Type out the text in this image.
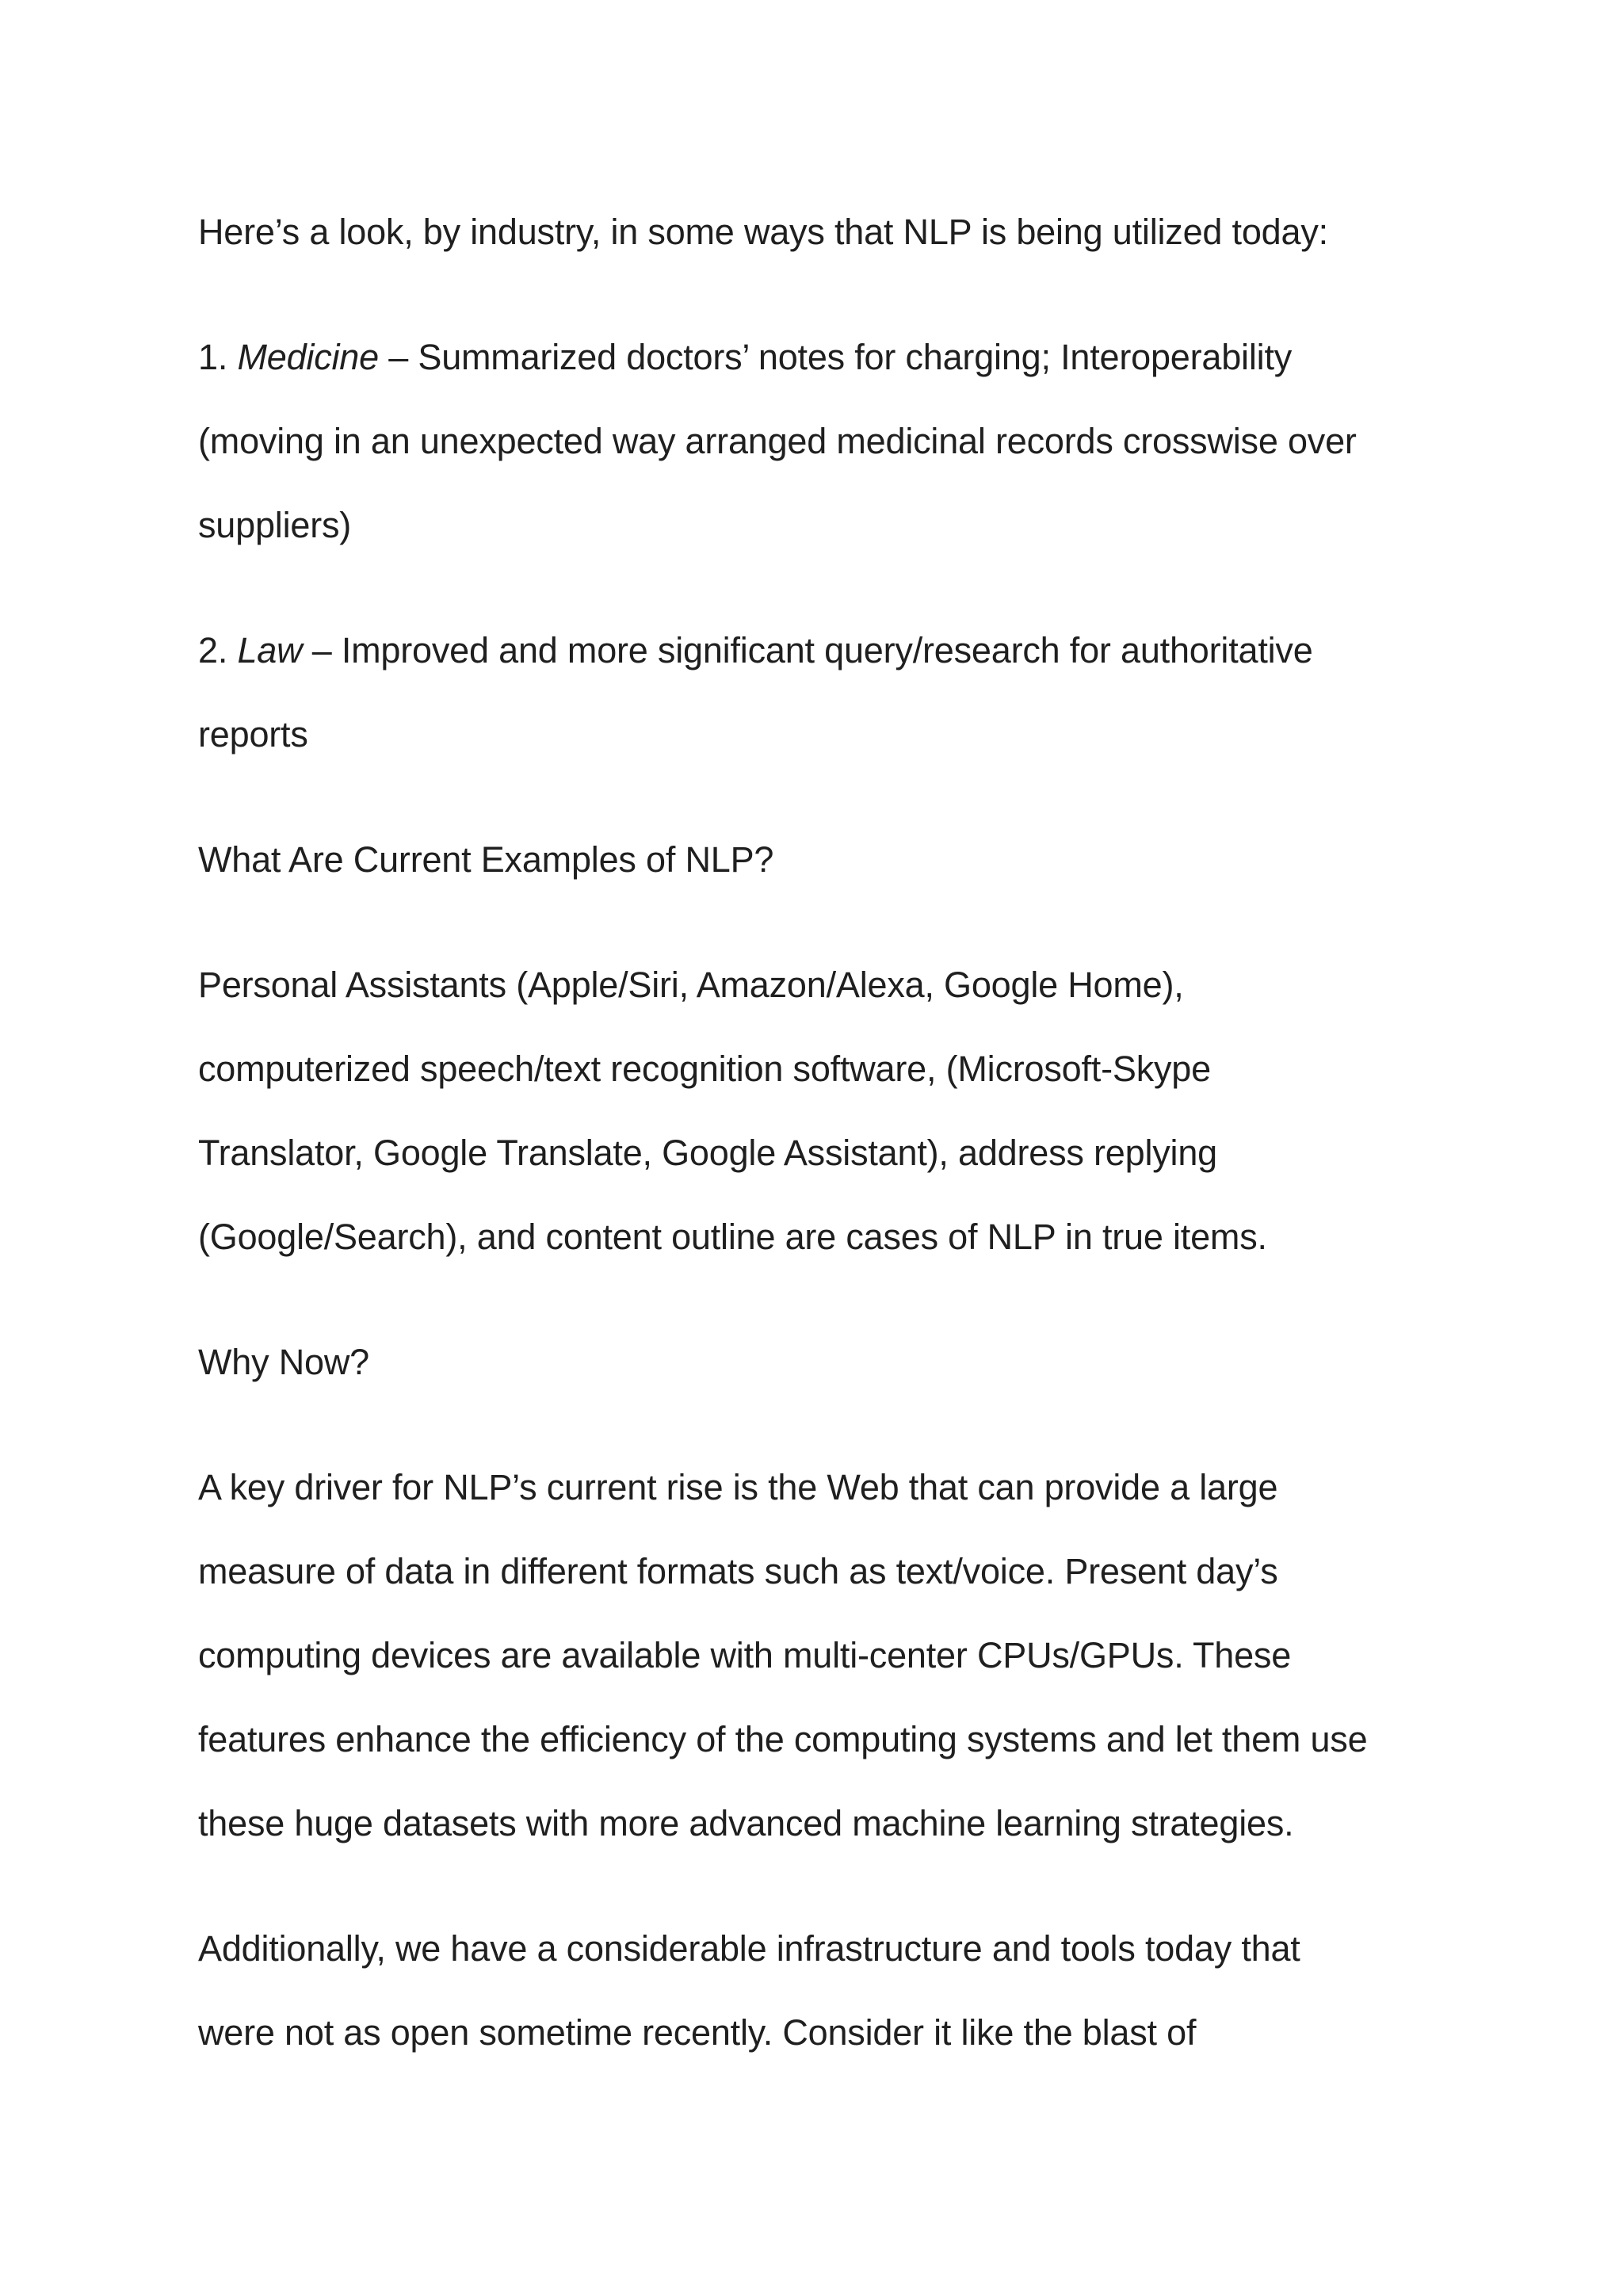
Here’s a look, by industry, in some ways that NLP is being utilized today:

1. Medicine – Summarized doctors’ notes for charging; Interoperability
(moving in an unexpected way arranged medicinal records crosswise over
suppliers)

2. Law – Improved and more significant query/research for authoritative
reports

What Are Current Examples of NLP?

Personal Assistants (Apple/Siri, Amazon/Alexa, Google Home),
computerized speech/text recognition software, (Microsoft-Skype
Translator, Google Translate, Google Assistant), address replying
(Google/Search), and content outline are cases of NLP in true items.

Why Now?

A key driver for NLP’s current rise is the Web that can provide a large
measure of data in different formats such as text/voice. Present day’s
computing devices are available with multi-center CPUs/GPUs. These
features enhance the efficiency of the computing systems and let them use
these huge datasets with more advanced machine learning strategies.

Additionally, we have a considerable infrastructure and tools today that
were not as open sometime recently. Consider it like the blast of
